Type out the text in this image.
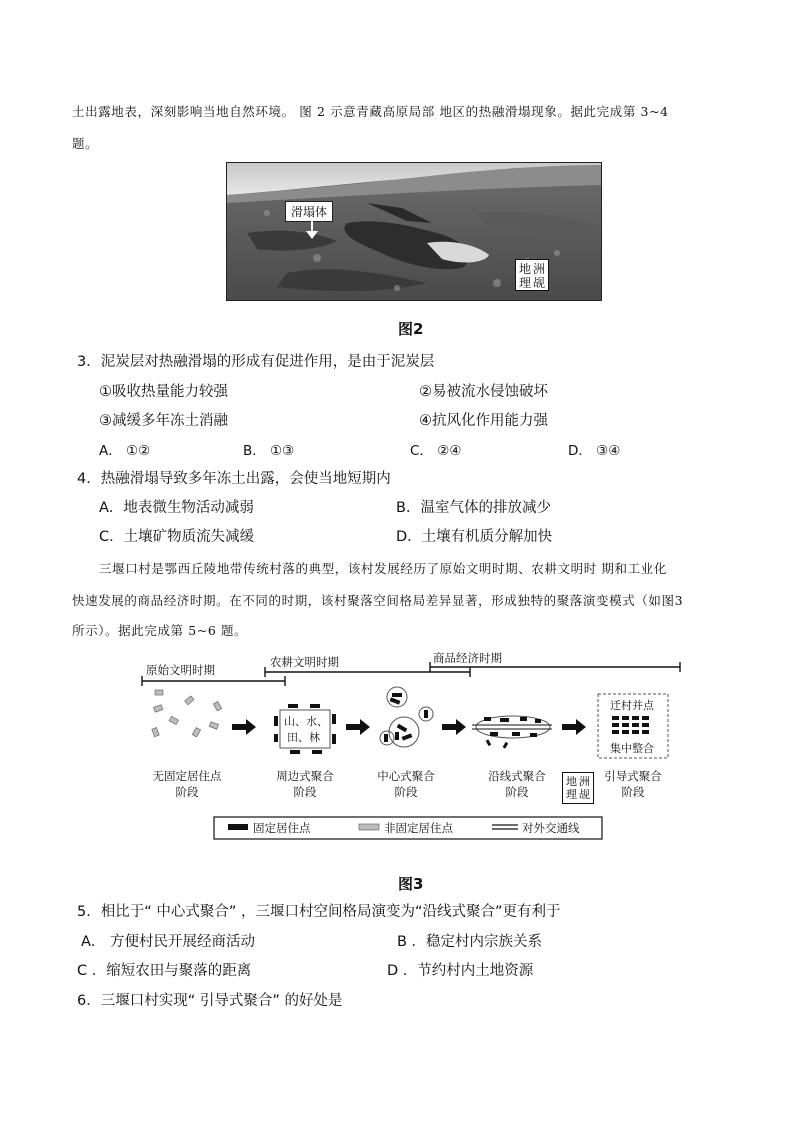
土出露地表，深刻影响当地自然环境。 图 2 示意青藏高原局部 地区的热融滑塌现象。据此完成第 3~4
题。
滑塌体
地 洲
理 觇
图2
3．泥炭层对热融滑塌的形成有促进作用，是由于泥炭层
①吸收热量能力较强	②易被流水侵蚀破坏
③减缓多年冻土消融	④抗风化作用能力强
A． ①②	B． ①③	C． ②④	D． ③④
4．热融滑塌导致多年冻土出露，会使当地短期内
A．地表微生物活动减弱	B．温室气体的排放减少
C．土壤矿物质流失减缓	D．土壤有机质分解加快
三堰口村是鄂西丘陵地带传统村落的典型，该村发展经历了原始文明时期、农耕文明时 期和工业化
快速发展的商品经济时期。在不同的时期，该村聚落空间格局差异显著，形成独特的聚落演变模式（如图3
所示）。据此完成第 5~6 题。
原始文明时期
农耕文明时期	商品经济时期
山、水、
田、林
迁村并点
集中整合
无固定居住点
阶段
周边式聚合
阶段
中心式聚合
阶段
沿线式聚合
阶段
引导式聚合
阶段
地 洲
理 觇
固定居住点	非固定居住点	对外交通线
图3
5．相比于“ 中心式聚合” ，三堰口村空间格局演变为“沿线式聚合”更有利于
A． 方便村民开展经商活动	B ．稳定村内宗族关系
C ．缩短农田与聚落的距离	D ．节约村内土地资源
6．三堰口村实现“ 引导式聚合” 的好处是
